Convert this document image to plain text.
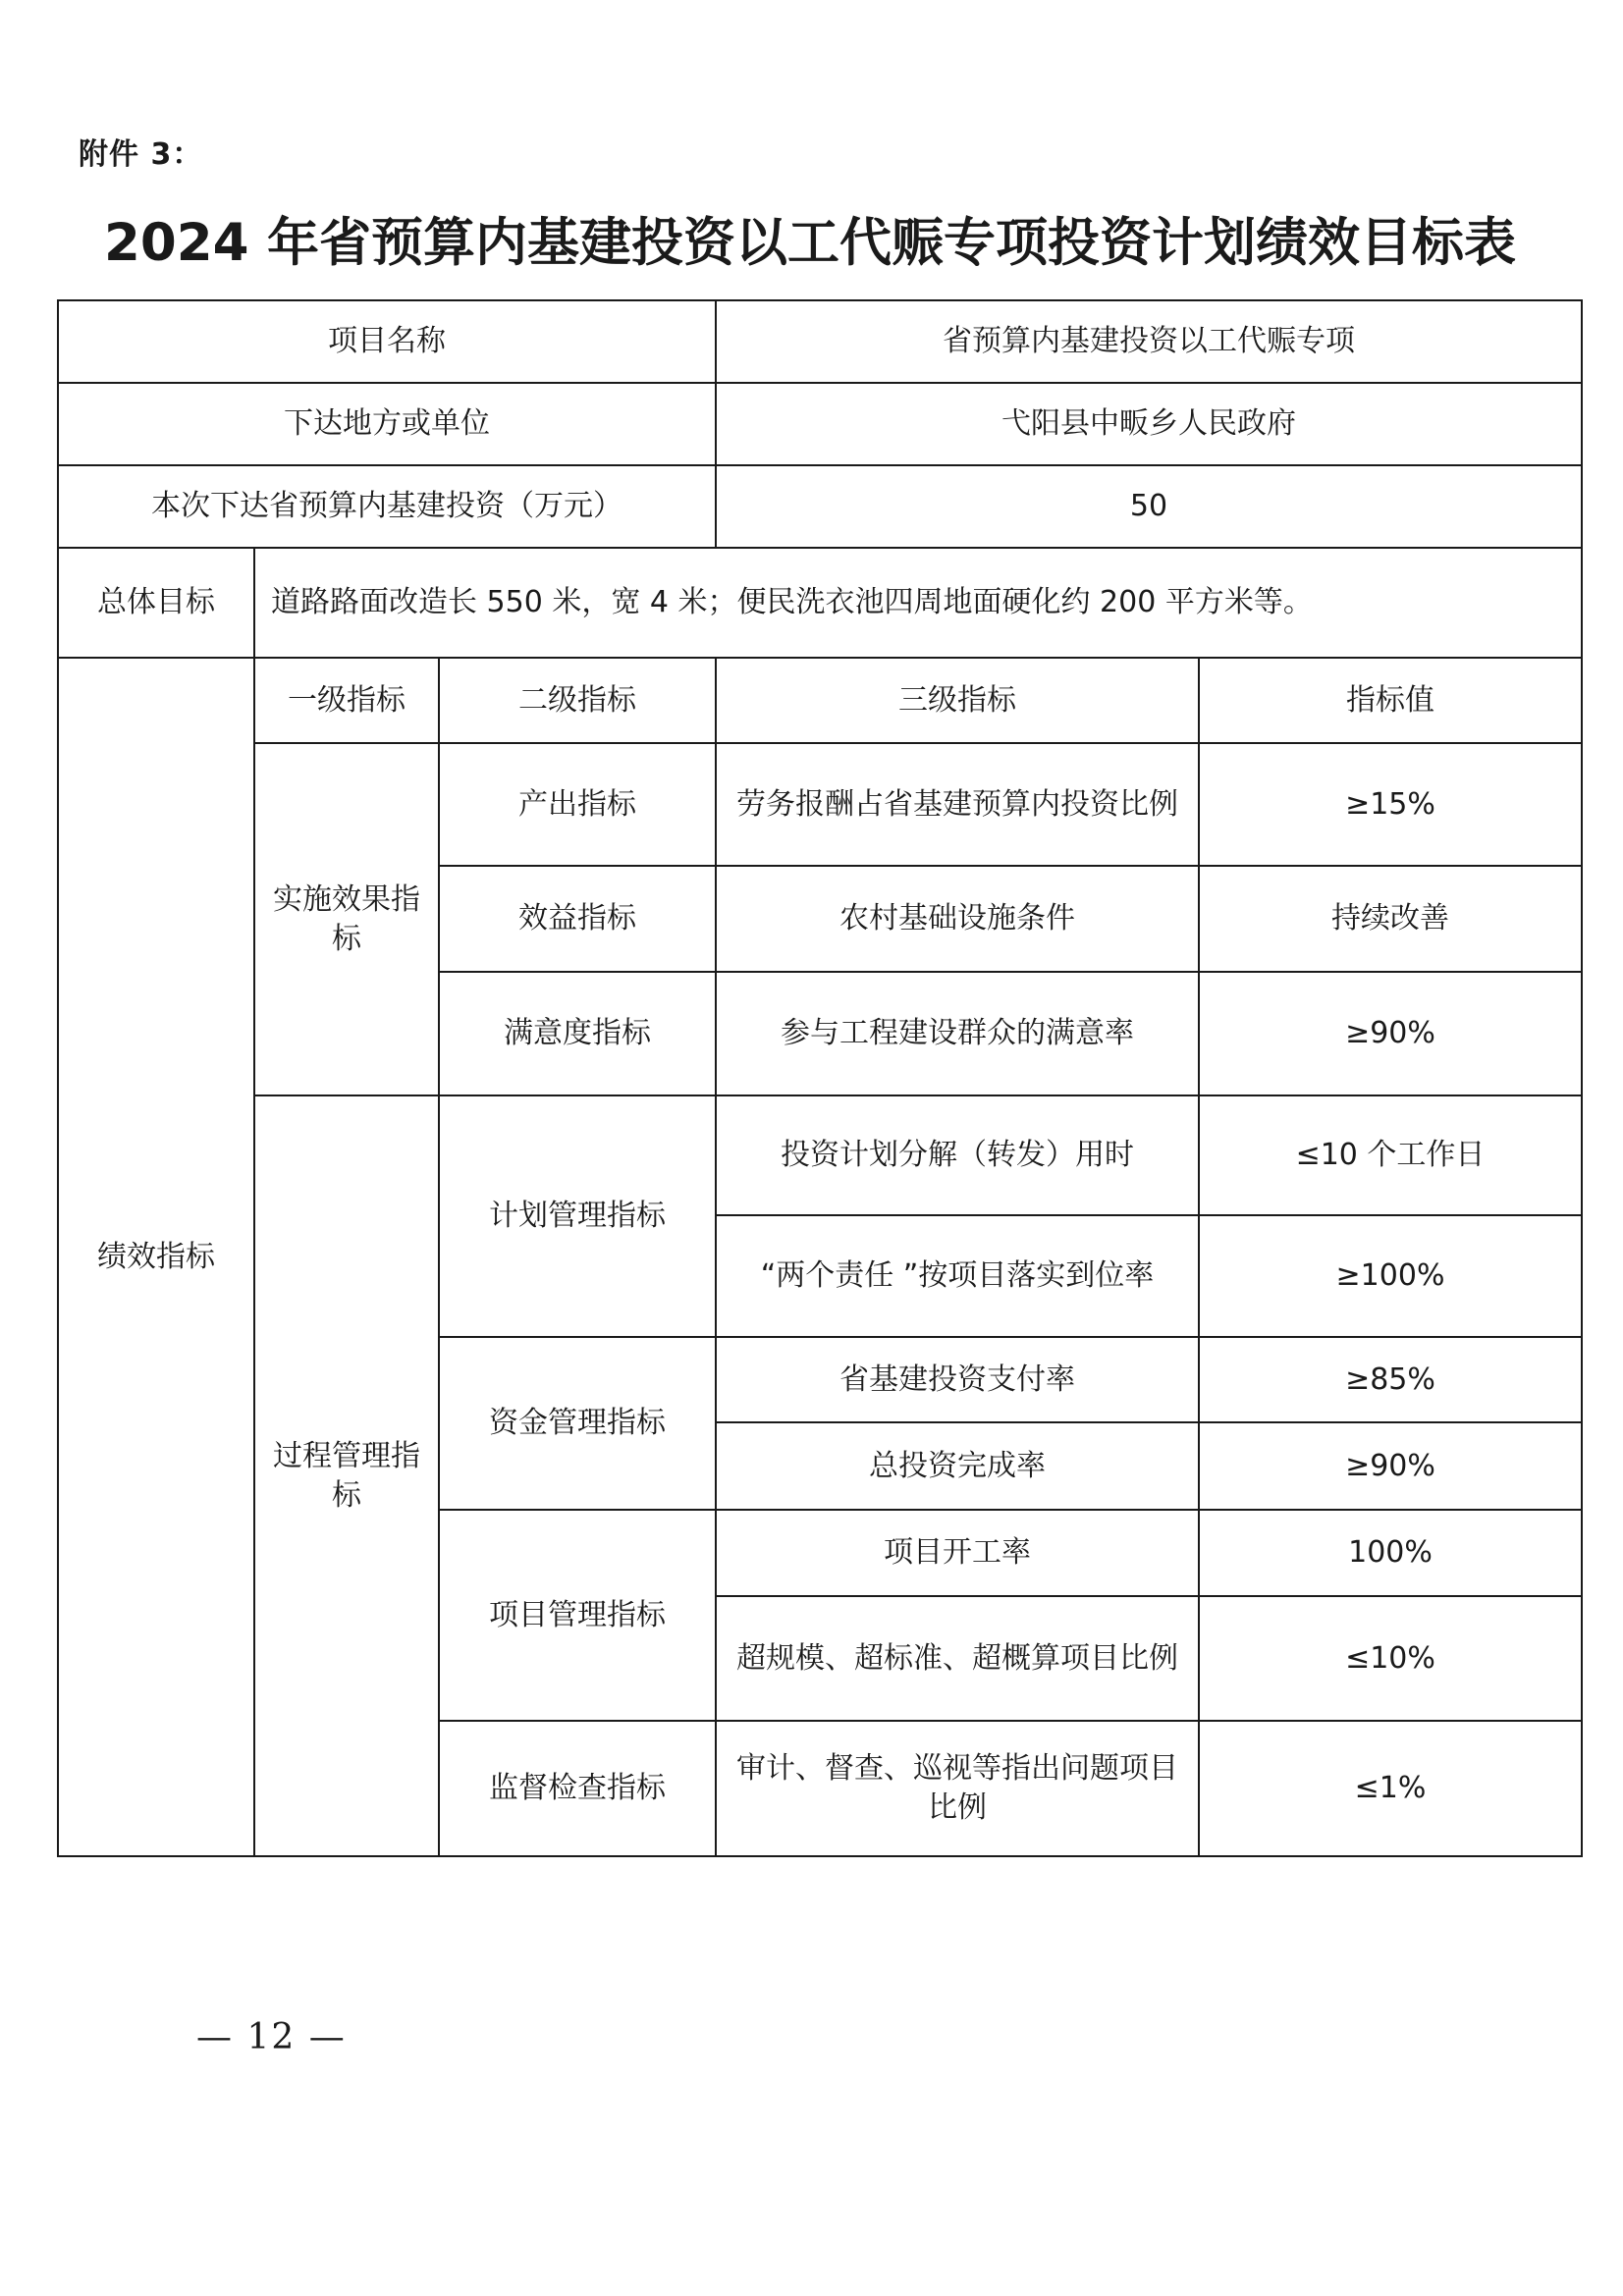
附件 3：
2024 年省预算内基建投资以工代赈专项投资计划绩效目标表
项目名称			省预算内基建投资以工代赈专项	
下达地方或单位			弋阳县中畈乡人民政府	
本次下达省预算内基建投资（万元）			50	
总体目标	道路路面改造长 550 米，宽 4 米；便民洗衣池四周地面硬化约 200 平方米等。			
绩效指标	一级指标	二级指标	三级指标	指标值
	实施效果指标	产出指标	劳务报酬占省基建预算内投资比例	≥15%
		效益指标	农村基础设施条件	持续改善
		满意度指标	参与工程建设群众的满意率	≥90%
	过程管理指标	计划管理指标	投资计划分解（转发）用时	≤10 个工作日
			“两个责任 ”按项目落实到位率	≥100%
		资金管理指标	省基建投资支付率	≥85%
			总投资完成率	≥90%
		项目管理指标	项目开工率	100%
			超规模、超标准、超概算项目比例	≤10%
		监督检查指标	审计、督查、巡视等指出问题项目比例	≤1%
— 12 —
